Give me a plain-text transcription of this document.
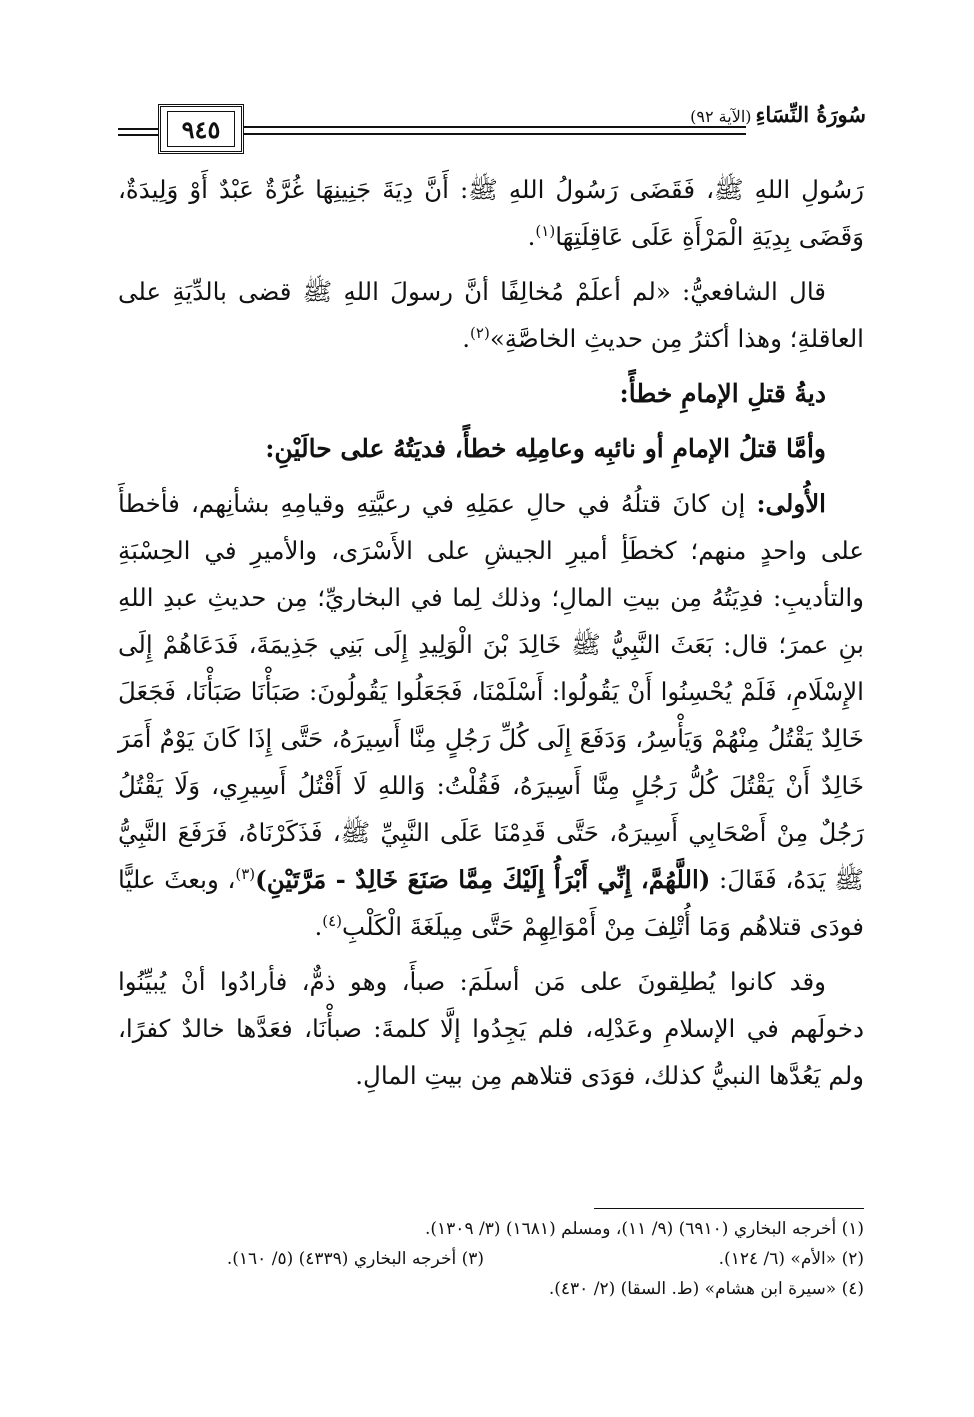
٩٤٥	سُورَةُ النِّسَاءِ(الآية ٩٢)

رَسُولِ اللهِ ﷺ، فَقَضَى رَسُولُ اللهِ ﷺ: أَنَّ دِيَةَ جَنِينِهَا غُرَّةٌ عَبْدٌ أَوْ وَلِيدَةٌ، وَقَضَى بِدِيَةِ الْمَرْأَةِ عَلَى عَاقِلَتِهَا$^{(١)}$.

قال الشافعيُّ: «لم أعلَمْ مُخالِفًا أنَّ رسولَ اللهِ ﷺ قضى بالدِّيَةِ على العاقلةِ؛ وهذا أكثرُ مِن حديثِ الخاصَّةِ»$^{(٢)}$.

ديةُ قتلِ الإمامِ خطأً:

وأمَّا قتلُ الإمامِ أو نائبِه وعامِلِه خطأً، فديَتُهُ على حالَيْنِ:

الأُولى: إن كانَ قتلُهُ في حالِ عمَلِهِ في رعيَّتِهِ وقيامِهِ بشأنِهم، فأخطأَ على واحدٍ منهم؛ كخطَأِ أميرِ الجيشِ على الأَسْرَى، والأميرِ في الحِسْبَةِ والتأديبِ: فدِيَتُهُ مِن بيتِ المالِ؛ وذلك لِما في البخاريِّ؛ مِن حديثِ عبدِ اللهِ بنِ عمرَ؛ قال: بَعَثَ النَّبِيُّ ﷺ خَالِدَ بْنَ الْوَلِيدِ إِلَى بَنِي جَذِيمَةَ، فَدَعَاهُمْ إِلَى الإِسْلَامِ، فَلَمْ يُحْسِنُوا أَنْ يَقُولُوا: أَسْلَمْنَا، فَجَعَلُوا يَقُولُونَ: صَبَأْنَا صَبَأْنَا، فَجَعَلَ خَالِدٌ يَقْتُلُ مِنْهُمْ وَيَأْسِرُ، وَدَفَعَ إِلَى كُلِّ رَجُلٍ مِنَّا أَسِيرَهُ، حَتَّى إِذَا كَانَ يَوْمٌ أَمَرَ خَالِدٌ أَنْ يَقْتُلَ كُلُّ رَجُلٍ مِنَّا أَسِيرَهُ، فَقُلْتُ: وَاللهِ لَا أَقْتُلُ أَسِيرِي، وَلَا يَقْتُلُ رَجُلٌ مِنْ أَصْحَابِي أَسِيرَهُ، حَتَّى قَدِمْنَا عَلَى النَّبِيِّ ﷺ، فَذَكَرْنَاهُ، فَرَفَعَ النَّبِيُّ ﷺ يَدَهُ، فَقَالَ: (اللَّهُمَّ، إِنِّي أَبْرَأُ إِلَيْكَ مِمَّا صَنَعَ خَالِدٌ - مَرَّتَيْنِ)$^{(٣)}$، وبعثَ عليًّا فودَى قتلاهُم وَمَا أُتْلِفَ مِنْ أَمْوَالِهِمْ حَتَّى مِيلَغَةَ الْكَلْبِ$^{(٤)}$.

وقد كانوا يُطلِقونَ على مَن أسلَمَ: صبأَ، وهو ذمٌّ، فأرادُوا أنْ يُبيِّنُوا دخولَهم في الإسلامِ وعَدْلِه، فلم يَجِدُوا إلَّا كلمةَ: صبأْنَا، فعَدَّها خالدٌ كفرًا، ولم يَعُدَّها النبيُّ كذلك، فوَدَى قتلاهم مِن بيتِ المالِ.

(١) أخرجه البخاري (٦٩١٠) (٩/ ١١)، ومسلم (١٦٨١) (٣/ ١٣٠٩).
(٢) «الأم» (٦/ ١٢٤).
(٣) أخرجه البخاري (٤٣٣٩) (٥/ ١٦٠).
(٤) «سيرة ابن هشام» (ط. السقا) (٢/ ٤٣٠).
